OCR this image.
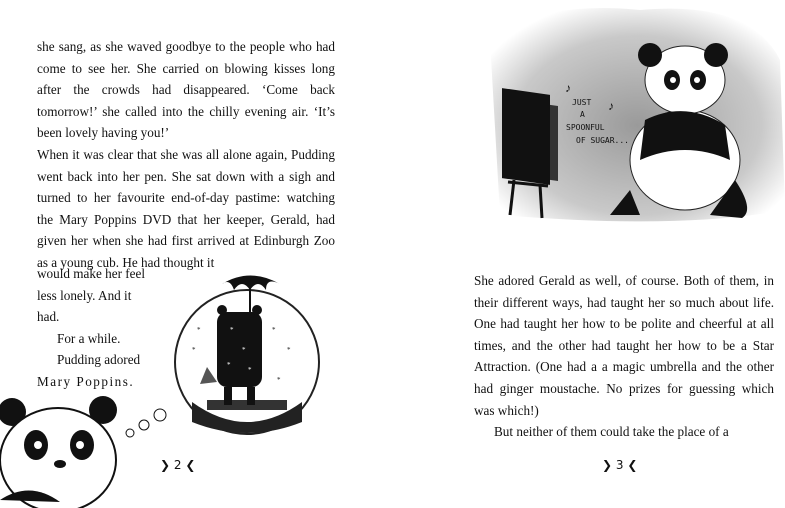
she sang, as she waved goodbye to the people who had come to see her. She carried on blowing kisses long after the crowds had disappeared. ‘Come back tomorrow!’ she called into the chilly evening air. ‘It’s been lovely having you!’

When it was clear that she was all alone again, Pudding went back into her pen. She sat down with a sigh and turned to her favourite end-of-day pastime: watching the Mary Poppins DVD that her keeper, Gerald, had given her when she had first arrived at Edinburgh Zoo as a young cub. He had thought it

would make her feel

less lonely. And it

had.

For a while.

Pudding adored

Mary Poppins.

*
*
*
*
*
*
*
*
*
❯ 2 ❮
JUST
A
SPOONFUL
OF SUGAR...
♪
♪

She adored Gerald as well, of course. Both of them, in their different ways, had taught her so much about life. One had taught her how to be polite and cheerful at all times, and the other had taught her how to be a Star Attraction. (One had a a magic umbrella and the other had ginger moustache. No prizes for guessing which was which!)

But neither of them could take the place of a

❯ 3 ❮
